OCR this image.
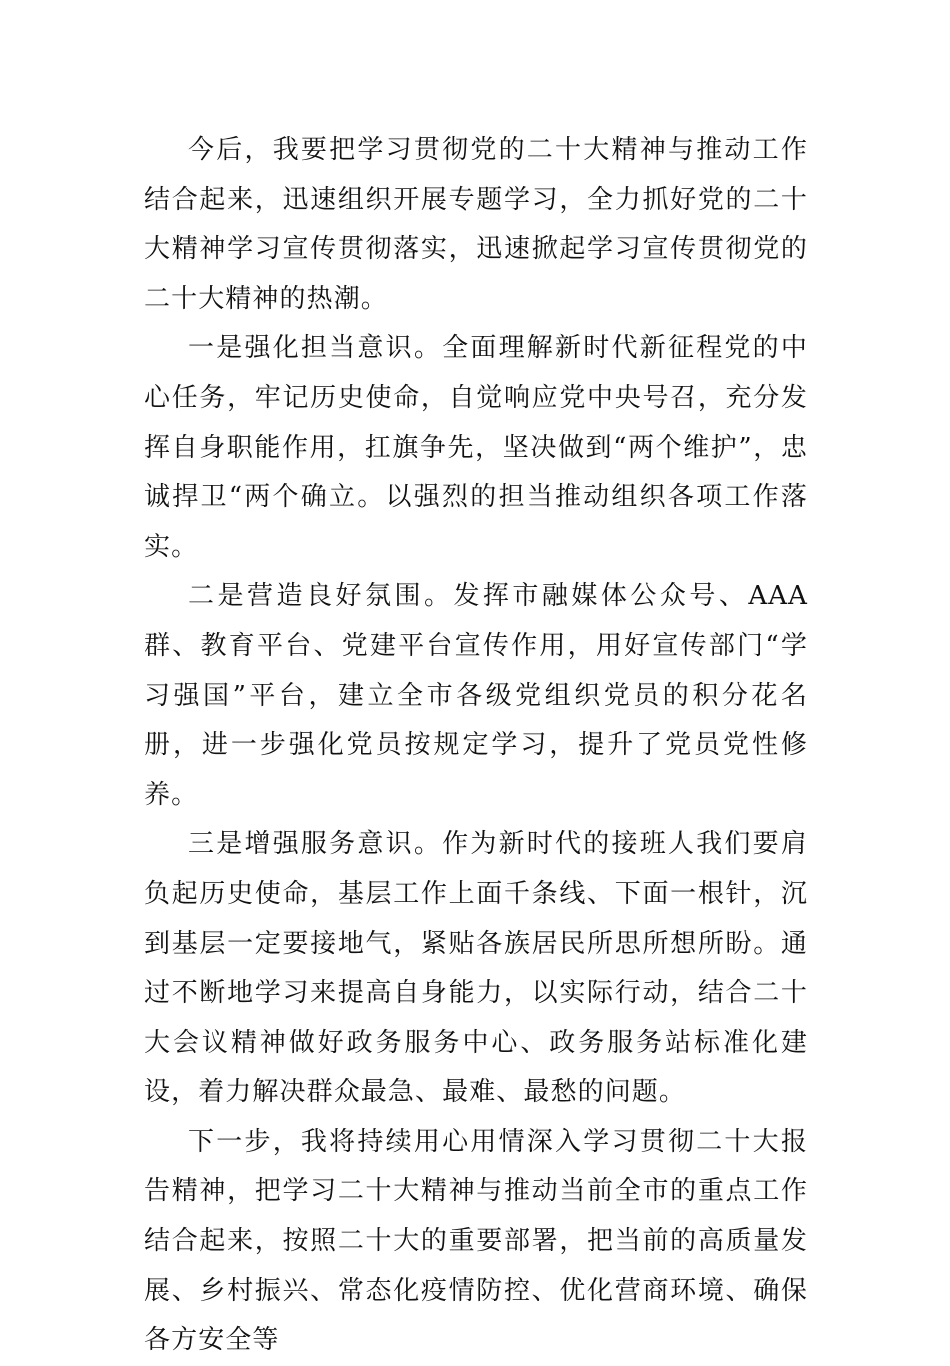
今后，我要把学习贯彻党的二十大精神与推动工作结合起来，迅速组织开展专题学习，全力抓好党的二十大精神学习宣传贯彻落实，迅速掀起学习宣传贯彻党的二十大精神的热潮。

一是强化担当意识。全面理解新时代新征程党的中心任务，牢记历史使命，自觉响应党中央号召，充分发挥自身职能作用，扛旗争先，坚决做到“两个维护”，忠诚捍卫“两个确立。以强烈的担当推动组织各项工作落实。

二是营造良好氛围。发挥市融媒体公众号、AAA群、教育平台、党建平台宣传作用，用好宣传部门“学习强国”平台，建立全市各级党组织党员的积分花名册，进一步强化党员按规定学习，提升了党员党性修养。

三是增强服务意识。作为新时代的接班人我们要肩负起历史使命，基层工作上面千条线、下面一根针，沉到基层一定要接地气，紧贴各族居民所思所想所盼。通过不断地学习来提高自身能力，以实际行动，结合二十大会议精神做好政务服务中心、政务服务站标准化建设，着力解决群众最急、最难、最愁的问题。

下一步，我将持续用心用情深入学习贯彻二十大报告精神，把学习二十大精神与推动当前全市的重点工作结合起来，按照二十大的重要部署，把当前的高质量发展、乡村振兴、常态化疫情防控、优化营商环境、确保各方安全等
